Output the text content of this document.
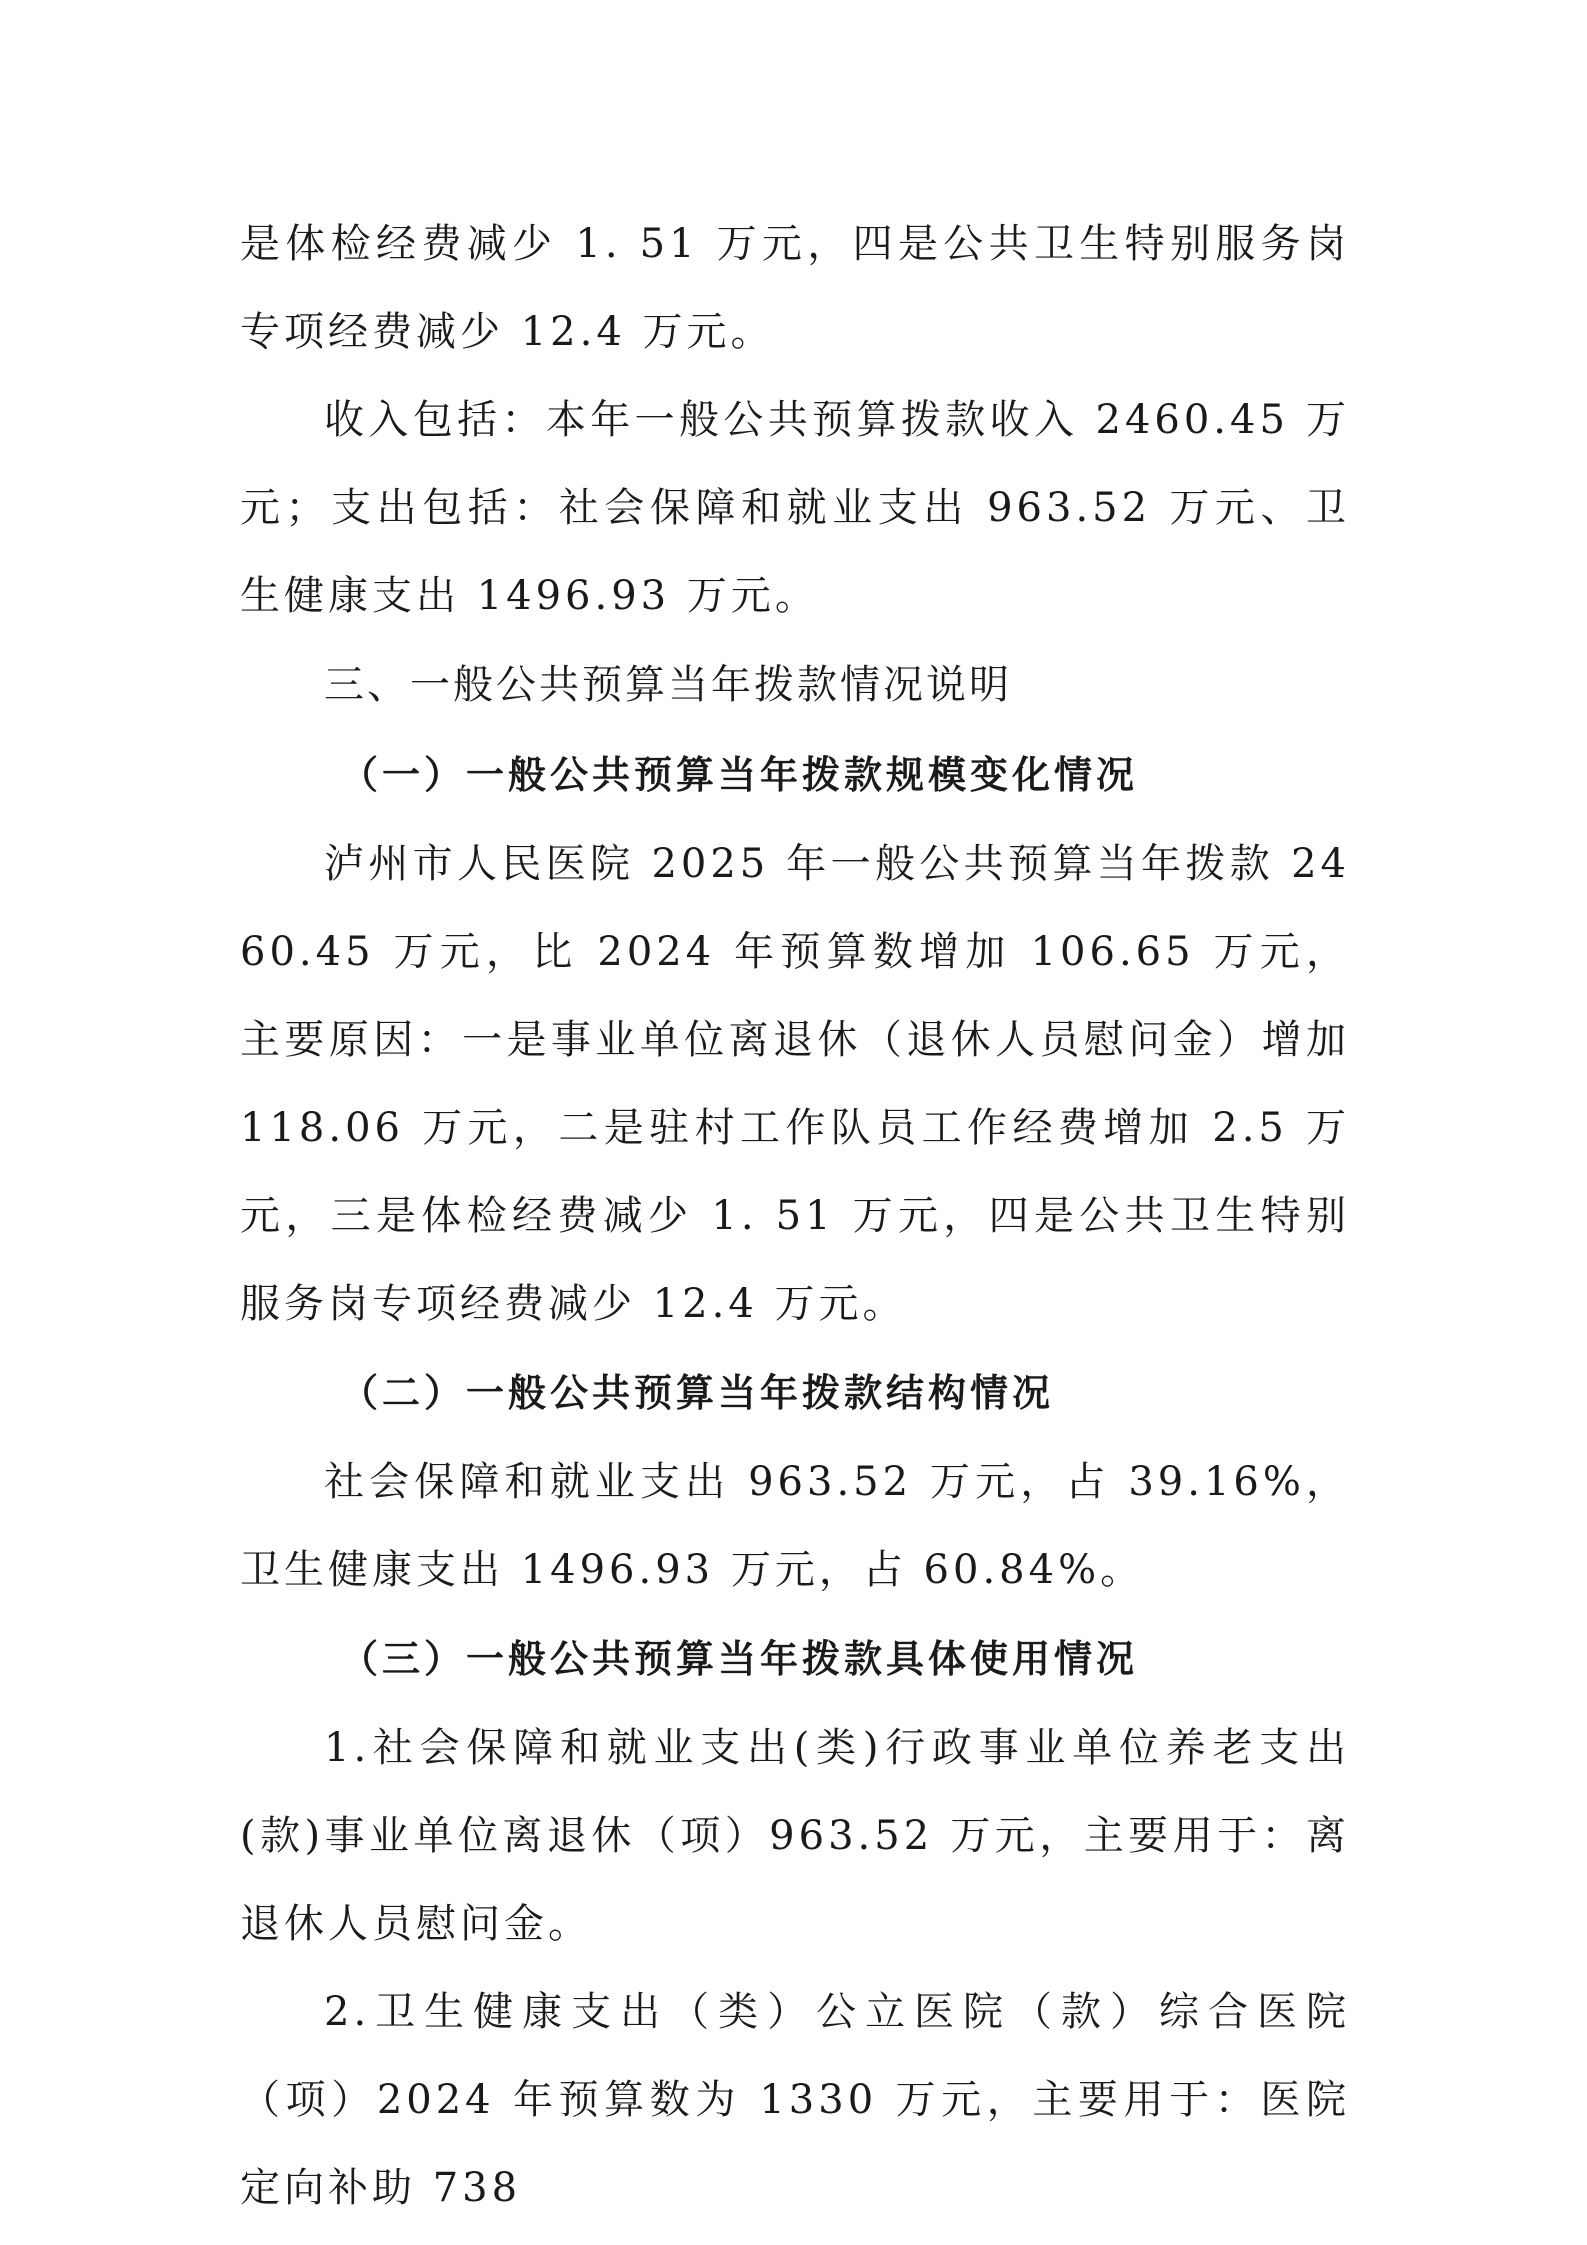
是体检经费减少 1. 51 万元，四是公共卫生特别服务岗专项经费减少 12.4 万元。

收入包括：本年一般公共预算拨款收入 2460.45 万元；支出包括：社会保障和就业支出 963.52 万元、卫生健康支出 1496.93 万元。

三、一般公共预算当年拨款情况说明
（一）一般公共预算当年拨款规模变化情况

泸州市人民医院 2025 年一般公共预算当年拨款 2460.45 万元，比 2024 年预算数增加 106.65 万元，主要原因：一是事业单位离退休（退休人员慰问金）增加 118.06 万元，二是驻村工作队员工作经费增加 2.5 万元，三是体检经费减少 1. 51 万元，四是公共卫生特别服务岗专项经费减少 12.4 万元。

（二）一般公共预算当年拨款结构情况

社会保障和就业支出 963.52 万元，占 39.16%， 卫生健康支出 1496.93 万元，占 60.84%。

（三）一般公共预算当年拨款具体使用情况

1.社会保障和就业支出(类)行政事业单位养老支出(款)事业单位离退休（项）963.52 万元，主要用于：离退休人员慰问金。

2.卫生健康支出（类）公立医院（款）综合医院（项）2024 年预算数为 1330 万元，主要用于：医院定向补助 738
